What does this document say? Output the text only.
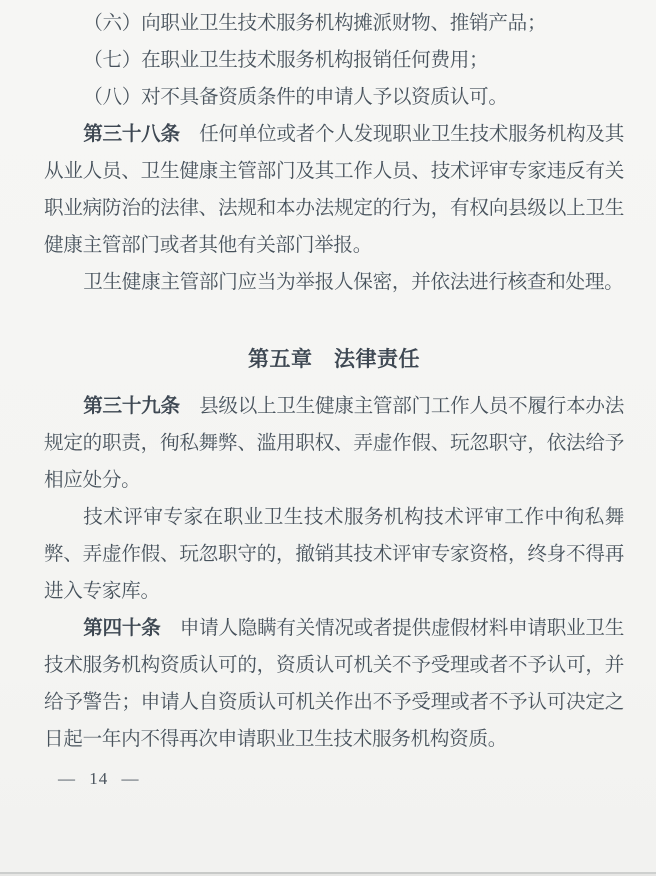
（六）向职业卫生技术服务机构摊派财物、推销产品；

（七）在职业卫生技术服务机构报销任何费用；

（八）对不具备资质条件的申请人予以资质认可。

第三十八条　任何单位或者个人发现职业卫生技术服务机构及其从业人员、卫生健康主管部门及其工作人员、技术评审专家违反有关职业病防治的法律、法规和本办法规定的行为，有权向县级以上卫生健康主管部门或者其他有关部门举报。

卫生健康主管部门应当为举报人保密，并依法进行核查和处理。

第五章　法律责任

第三十九条　县级以上卫生健康主管部门工作人员不履行本办法规定的职责，徇私舞弊、滥用职权、弄虚作假、玩忽职守，依法给予相应处分。

技术评审专家在职业卫生技术服务机构技术评审工作中徇私舞弊、弄虚作假、玩忽职守的，撤销其技术评审专家资格，终身不得再进入专家库。

第四十条　申请人隐瞒有关情况或者提供虚假材料申请职业卫生技术服务机构资质认可的，资质认可机关不予受理或者不予认可，并给予警告；申请人自资质认可机关作出不予受理或者不予认可决定之日起一年内不得再次申请职业卫生技术服务机构资质。

— 14 —
